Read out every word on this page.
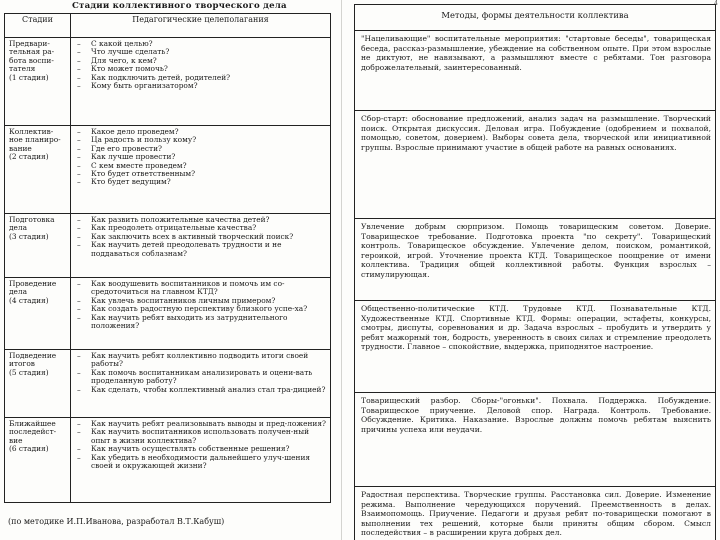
Стадии коллективного творческого дела
Стадии	Педагогические целеполагания
Предвари-
тельная ра-
бота воспи-
тателя
(1 стадия)
–	С какой целью?
–	Что лучше сделать?
–	Для чего, к кем?
–	Кто может помочь?
–	Как подключить детей, родителей?
–	Кому быть организатором?
Коллектив-
ное планиро-
вание
(2 стадия)
–	Какое дело проведем?
–	Ца радость и пользу кому?
–	Где его провести?
–	Как лучше провести?
–	С кем вместе проведем?
–	Кто будет ответственным?
–	Кто будет ведущим?
Подготовка
дела
(3 стадия)
–	Как развить положительные качества детей?
–	Как преодолеть отрицательные качества?
–	Как заключить всех в активный творческий поиск?
–	Как научить детей преодолевать трудности и не поддаваться соблазнам?
Проведение
дела
(4 стадия)
–	Как воодушевить воспитанников и помочь им со-средоточиться на главном КТД?
–	Как увлечь воспитанников личным примером?
–	Как создать радостную перспективу близкого успе-ха?
–	Как научить ребят выходить из затруднительного положения?
Подведение
итогов
(5 стадия)
–	Как научить ребят коллективно подводить итоги своей работы?
–	Как помочь воспитанникам анализировать и оцени-вать проделанную работу?
–	Как сделать, чтобы коллективный анализ стал тра-дицией?
Ближайшее
последейст-
вие
(6 стадия)
–	Как научить ребят реализовывать выводы и пред-ложения?
–	Как научить воспитанников использовать получен-ный опыт в жизни коллектива?
–	Как научить осуществлять собственные решения?
–	Как убедить в необходимости дальнейшего улуч-шения своей и окружающей жизни?
(по методике И.П.Иванова, разработал В.Т.Кабуш)
Методы, формы деятельности коллектива
"Нацеливающие" воспитательные мероприятия: "стартовые беседы", товарищеская беседа, рассказ-размышление, убеждение на собственном опыте. При этом взрослые не диктуют, не навязывают, а размышляют вместе с ребятами. Тон разговора доброжелательный, заинтересованный.
Сбор-старт: обоснование предложений, анализ задач на размышление. Творческий поиск. Открытая дискуссия. Деловая игра. Побуждение (одобрением и похвалой, помощью, советом, доверием). Выборы совета дела, творческой или инициативной группы. Взрослые принимают участие в общей работе на равных основаниях.
Увлечение добрым сюрпризом. Помощь товарищеским советом. Доверие. Товарищеское требование. Подготовка проекта "по секрету". Товарищеский контроль. Товарищеское обсуждение. Увлечение делом, поиском, романтикой, героикой, игрой. Уточнение проекта КТД. Товарищеское поощрение от имени коллектива. Традиция общей коллективной работы. Функция взрослых – стимулирующая.
Общественно-политические КТД. Трудовые КТД. Познавательные КТД. Художественные КТД. Спортивные КТД. Формы: операции, эстафеты, конкурсы, смотры, диспуты, соревнования и др. Задача взрослых – пробудить и утвердить у ребят мажорный тон, бодрость, уверенность в своих силах и стремление преодолеть трудности. Главное – спокойствие, выдержка, приподнятое настроение.
Товарищеский разбор. Сборы-"огоньки". Похвала. Поддержка. Побуждение. Товарищеское приучение. Деловой спор. Награда. Контроль. Требование. Обсуждение. Критика. Наказание. Взрослые должны помочь ребятам выяснить причины успеха или неудачи.
Радостная перспектива. Творческие группы. Расстановка сил. Доверие. Изменение режима. Выполнение чередующихся поручений. Преемственность в делах. Взаимопомощь. Приучение. Педагоги и друзья ребят по-товарищески помогают в выполнении тех решений, которые были приняты общим сбором. Смысл последействия – в расширении круга добрых дел.
4
